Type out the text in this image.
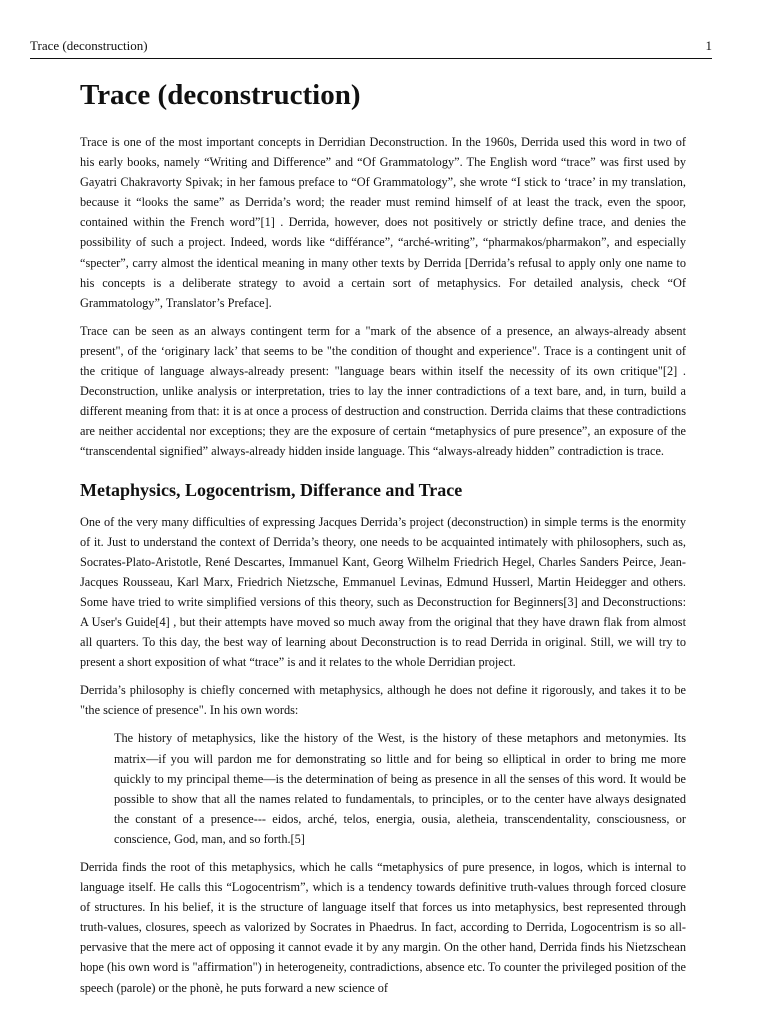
Trace (deconstruction)	1
Trace (deconstruction)

Trace is one of the most important concepts in Derridian Deconstruction. In the 1960s, Derrida used this word in two of his early books, namely “Writing and Difference” and “Of Grammatology”. The English word “trace” was first used by Gayatri Chakravorty Spivak; in her famous preface to “Of Grammatology”, she wrote “I stick to ‘trace’ in my translation, because it “looks the same” as Derrida’s word; the reader must remind himself of at least the track, even the spoor, contained within the French word”[1] . Derrida, however, does not positively or strictly define trace, and denies the possibility of such a project. Indeed, words like “différance”, “arché-writing”, “pharmakos/pharmakon”, and especially “specter”, carry almost the identical meaning in many other texts by Derrida [Derrida’s refusal to apply only one name to his concepts is a deliberate strategy to avoid a certain sort of metaphysics. For detailed analysis, check “Of Grammatology”, Translator’s Preface].

Trace can be seen as an always contingent term for a "mark of the absence of a presence, an always-already absent present", of the ‘originary lack’ that seems to be "the condition of thought and experience". Trace is a contingent unit of the critique of language always-already present: "language bears within itself the necessity of its own critique"[2] . Deconstruction, unlike analysis or interpretation, tries to lay the inner contradictions of a text bare, and, in turn, build a different meaning from that: it is at once a process of destruction and construction. Derrida claims that these contradictions are neither accidental nor exceptions; they are the exposure of certain “metaphysics of pure presence”, an exposure of the “transcendental signified” always-already hidden inside language. This “always-already hidden” contradiction is trace.

Metaphysics, Logocentrism, Differance and Trace

One of the very many difficulties of expressing Jacques Derrida’s project (deconstruction) in simple terms is the enormity of it. Just to understand the context of Derrida’s theory, one needs to be acquainted intimately with philosophers, such as, Socrates-Plato-Aristotle, René Descartes, Immanuel Kant, Georg Wilhelm Friedrich Hegel, Charles Sanders Peirce, Jean-Jacques Rousseau, Karl Marx, Friedrich Nietzsche, Emmanuel Levinas, Edmund Husserl, Martin Heidegger and others. Some have tried to write simplified versions of this theory, such as Deconstruction for Beginners[3] and Deconstructions: A User's Guide[4] , but their attempts have moved so much away from the original that they have drawn flak from almost all quarters. To this day, the best way of learning about Deconstruction is to read Derrida in original. Still, we will try to present a short exposition of what “trace” is and it relates to the whole Derridian project.

Derrida’s philosophy is chiefly concerned with metaphysics, although he does not define it rigorously, and takes it to be "the science of presence". In his own words:

The history of metaphysics, like the history of the West, is the history of these metaphors and metonymies. Its matrix—if you will pardon me for demonstrating so little and for being so elliptical in order to bring me more quickly to my principal theme—is the determination of being as presence in all the senses of this word. It would be possible to show that all the names related to fundamentals, to principles, or to the center have always designated the constant of a presence--- eidos, arché, telos, energia, ousia, aletheia, transcendentality, consciousness, or conscience, God, man, and so forth.[5]

Derrida finds the root of this metaphysics, which he calls “metaphysics of pure presence, in logos, which is internal to language itself. He calls this “Logocentrism”, which is a tendency towards definitive truth-values through forced closure of structures. In his belief, it is the structure of language itself that forces us into metaphysics, best represented through truth-values, closures, speech as valorized by Socrates in Phaedrus. In fact, according to Derrida, Logocentrism is so all-pervasive that the mere act of opposing it cannot evade it by any margin. On the other hand, Derrida finds his Nietzschean hope (his own word is "affirmation") in heterogeneity, contradictions, absence etc. To counter the privileged position of the speech (parole) or the phonè, he puts forward a new science of
